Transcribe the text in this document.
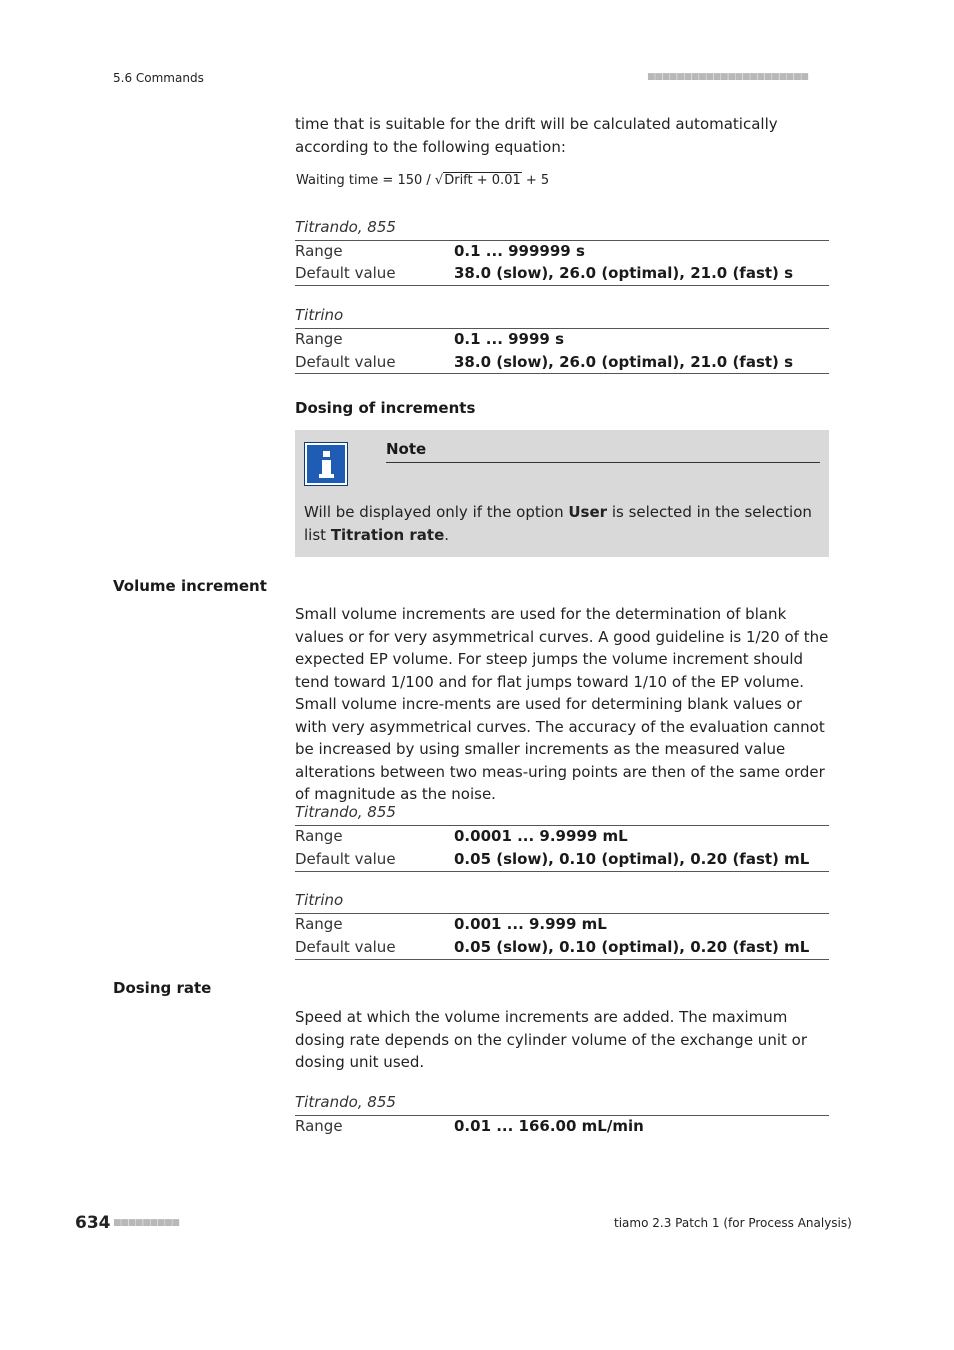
5.6 Commands	■■■■■■■■■■■■■■■■■■■■■■
time that is suitable for the drift will be calculated automatically according to the following equation:
Waiting time = 150 / √Drift + 0.01 + 5
Titrando, 855
Range	0.1 ... 999999 s
Default value	38.0 (slow), 26.0 (optimal), 21.0 (fast) s
Titrino
Range	0.1 ... 9999 s
Default value	38.0 (slow), 26.0 (optimal), 21.0 (fast) s
Dosing of increments
Note
Will be displayed only if the option User is selected in the selection list Titration rate.
Volume increment
Small volume increments are used for the determination of blank values or for very asymmetrical curves. A good guideline is 1/20 of the expected EP volume. For steep jumps the volume increment should tend toward 1/100 and for flat jumps toward 1/10 of the EP volume. Small volume incre-ments are used for determining blank values or with very asymmetrical curves. The accuracy of the evaluation cannot be increased by using smaller increments as the measured value alterations between two meas-uring points are then of the same order of magnitude as the noise.
Titrando, 855
Range	0.0001 ... 9.9999 mL
Default value	0.05 (slow), 0.10 (optimal), 0.20 (fast) mL
Titrino
Range	0.001 ... 9.999 mL
Default value	0.05 (slow), 0.10 (optimal), 0.20 (fast) mL
Dosing rate
Speed at which the volume increments are added. The maximum dosing rate depends on the cylinder volume of the exchange unit or dosing unit used.
Titrando, 855
Range	0.01 ... 166.00 mL/min
634 ■■■■■■■■■	tiamo 2.3 Patch 1 (for Process Analysis)
